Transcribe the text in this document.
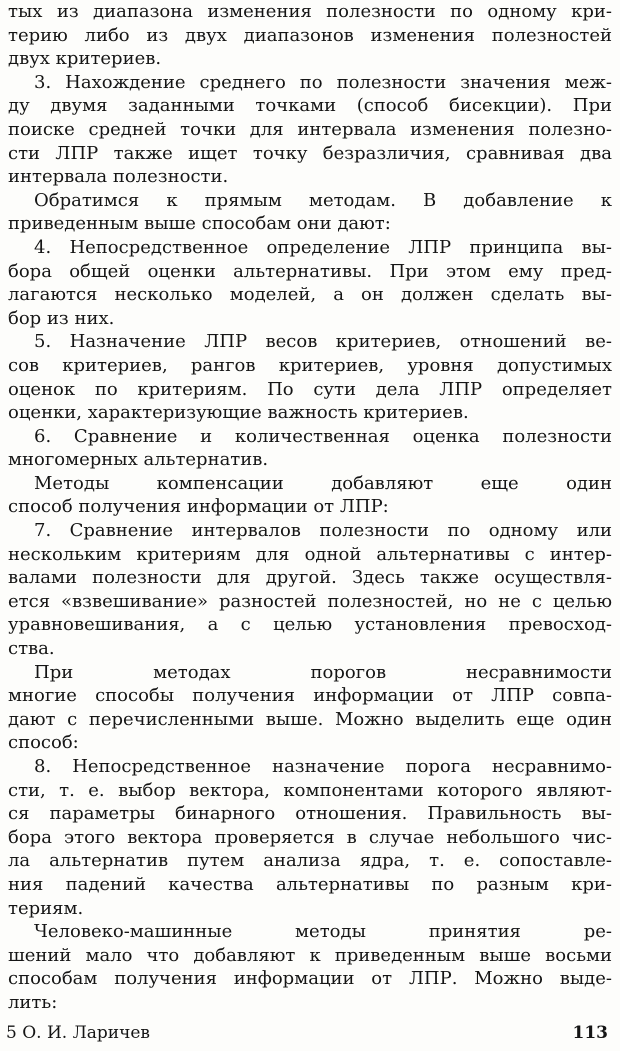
тых из диапазона изменения полезности по одному кри-
терию либо из двух диапазонов изменения полезностей
двух критериев.
3. Нахождение среднего по полезности значения меж-
ду двумя заданными точками (способ бисекции). При
поиске средней точки для интервала изменения полезно-
сти ЛПР также ищет точку безразличия, сравнивая два
интервала полезности.
Обратимся к прямым методам. В добавление к
приведенным выше способам они дают:
4. Непосредственное определение ЛПР принципа вы-
бора общей оценки альтернативы. При этом ему пред-
лагаются несколько моделей, а он должен сделать вы-
бор из них.
5. Назначение ЛПР весов критериев, отношений ве-
сов критериев, рангов критериев, уровня допустимых
оценок по критериям. По сути дела ЛПР определяет
оценки, характеризующие важность критериев.
6. Сравнение и количественная оценка полезности
многомерных альтернатив.
Методы компенсации добавляют еще один
способ получения информации от ЛПР:
7. Сравнение интервалов полезности по одному или
нескольким критериям для одной альтернативы с интер-
валами полезности для другой. Здесь также осуществля-
ется «взвешивание» разностей полезностей, но не с целью
уравновешивания, а с целью установления превосход-
ства.
При методах порогов несравнимости
многие способы получения информации от ЛПР совпа-
дают с перечисленными выше. Можно выделить еще один
способ:
8. Непосредственное назначение порога несравнимо-
сти, т. е. выбор вектора, компонентами которого являют-
ся параметры бинарного отношения. Правильность вы-
бора этого вектора проверяется в случае небольшого чис-
ла альтернатив путем анализа ядра, т. е. сопоставле-
ния падений качества альтернативы по разным кри-
териям.
Человеко-машинные методы принятия ре-
шений мало что добавляют к приведенным выше восьми
способам получения информации от ЛПР. Можно выде-
лить:
5 О. И. Ларичев	113
